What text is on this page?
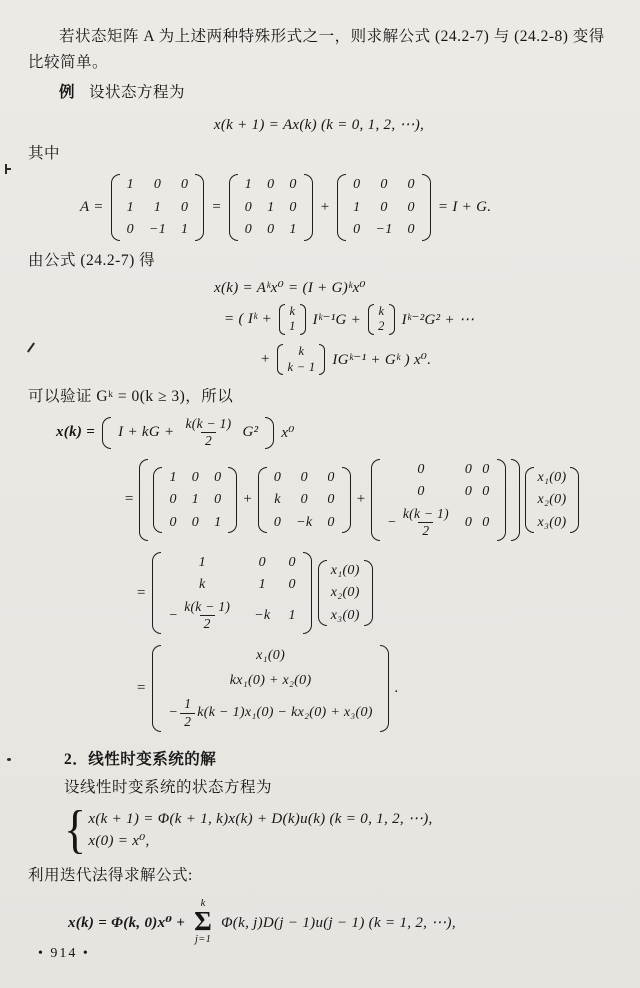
若状态矩阵 A 为上述两种特殊形式之一，则求解公式 (24.2-7) 与 (24.2-8) 变得比较简单。

例 设状态方程为

x(k + 1) = Ax(k) (k = 0, 1, 2, ⋯),

其中

A =
1 0 0
1 1 0
0 −1 1
=
1 0 0
0 1 0
0 0 1
+
0 0 0
1 0 0
0 −1 0
= I + G.

由公式 (24.2-7) 得

x(k) = Aᵏx⁰ = (I + G)ᵏx⁰
= ( Iᵏ +
k
1 Iᵏ⁻¹G +
k
2 Iᵏ⁻²G² + ⋯
+
k
k − 1 IGᵏ⁻¹ + Gᵏ ) x⁰.

可以验证 Gᵏ = 0(k ≥ 3)，所以

x(k) = I + kG + $\frac{k(k - 1)}{2} G^2$ x⁰
=
1 0 0
0 1 0
0 0 1
+
0 0 0
k 0 0
0 −k 0
+
0	0 0
0	0 0
− $\frac{k(k - 1)}{2} 0$ 0
x₁(0)
x₂(0)
x₃(0)
=
1	0 0
k	1 0
− $\frac{k(k - 1)}{2} -k$ 1
x₁(0)
x₂(0)
x₃(0)
=
x₁(0)
kx₁(0) + x₂(0)
− $\frac{1}{2} k(k - 1)x_1(0) - kx_2(0) + x_3(0)$
.

2．线性时变系统的解

设线性时变系统的状态方程为

{ x(k + 1) = Φ(k + 1, k)x(k) + D(k)u(k) (k = 0, 1, 2, ⋯),
x(0) = x⁰,

利用迭代法得求解公式:

x(k) = Φ(k, 0)x⁰ +
k
Σ
j=1
Φ(k, j)D(j − 1)u(j − 1) (k = 1, 2, ⋯),
• 914 •
